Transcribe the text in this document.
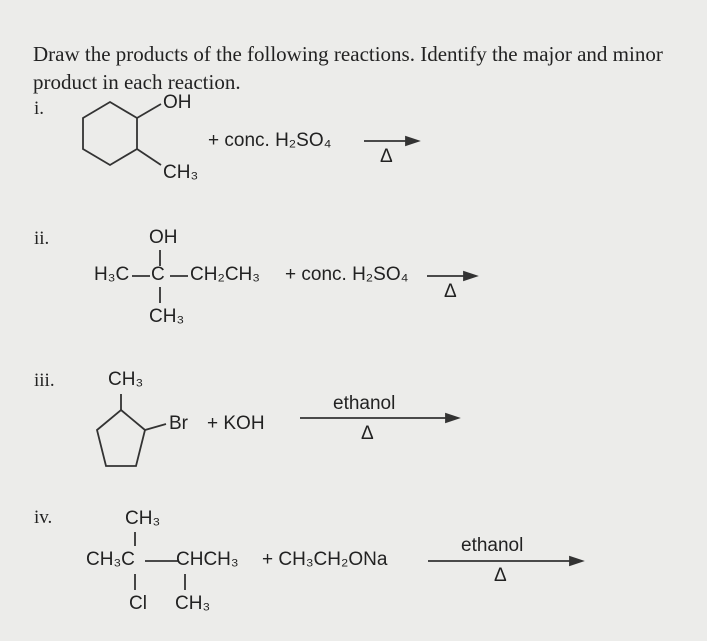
Draw the products of the following reactions. Identify the major and minor
product in each reaction.
i.	OH
CH₃
+ conc. H₂SO₄
Δ
ii.	OH
H₃C C CH₂CH₃
CH₃
+ conc. H₂SO₄
Δ
iii.	CH₃
Br + KOH
ethanol
Δ
iv.	CH₃
CH₃C CHCH₃
Cl CH₃
+ CH₃CH₂ONa
ethanol
Δ
